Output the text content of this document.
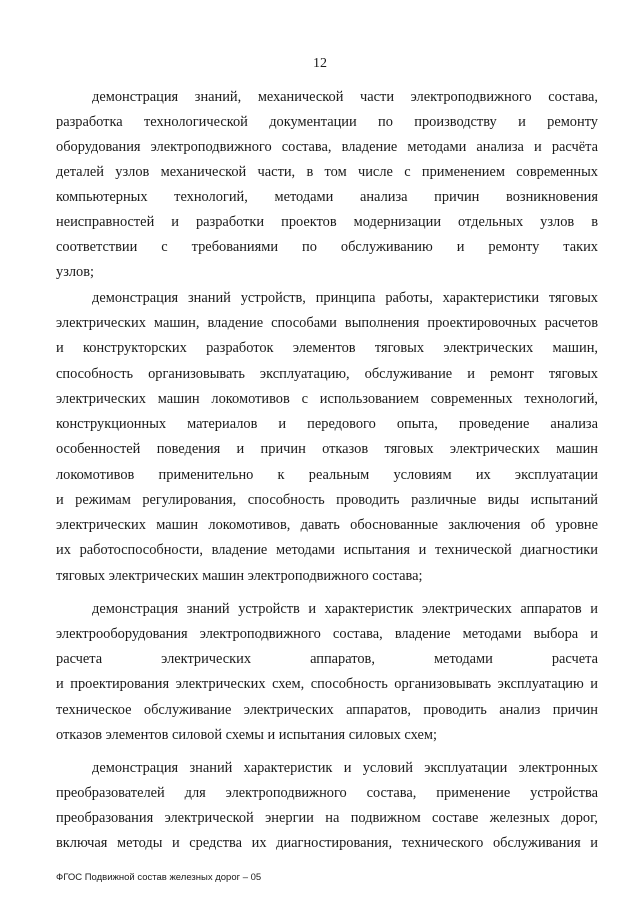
12
демонстрация знаний, механической части электроподвижного состава,
разработка технологической документации по производству и ремонту
оборудования электроподвижного состава, владение методами анализа и расчёта
деталей узлов механической части, в том числе с применением современных
компьютерных технологий, методами анализа причин возникновения
неисправностей и разработки проектов модернизации отдельных узлов в
соответствии с требованиями по обслуживанию и ремонту таких
узлов;
демонстрация знаний устройств, принципа работы, характеристики тяговых
электрических машин, владение способами выполнения проектировочных расчетов
и конструкторских разработок элементов тяговых электрических машин,
способность организовывать эксплуатацию, обслуживание и ремонт тяговых
электрических машин локомотивов с использованием современных технологий,
конструкционных материалов и передового опыта, проведение анализа
особенностей поведения и причин отказов тяговых электрических машин
локомотивов применительно к реальным условиям их эксплуатации
и режимам регулирования, способность проводить различные виды испытаний
электрических машин локомотивов, давать обоснованные заключения об уровне
их работоспособности, владение методами испытания и технической диагностики
тяговых электрических машин электроподвижного состава;
демонстрация знаний устройств и характеристик электрических аппаратов и
электрооборудования электроподвижного состава, владение методами выбора и
расчета электрических аппаратов, методами расчета
и проектирования электрических схем, способность организовывать эксплуатацию и
техническое обслуживание электрических аппаратов, проводить анализ причин
отказов элементов силовой схемы и испытания силовых схем;
демонстрация знаний характеристик и условий эксплуатации электронных
преобразователей для электроподвижного состава, применение устройства
преобразования электрической энергии на подвижном составе железных дорог,
включая методы и средства их диагностирования, технического обслуживания и
ФГОС Подвижной состав железных дорог – 05
